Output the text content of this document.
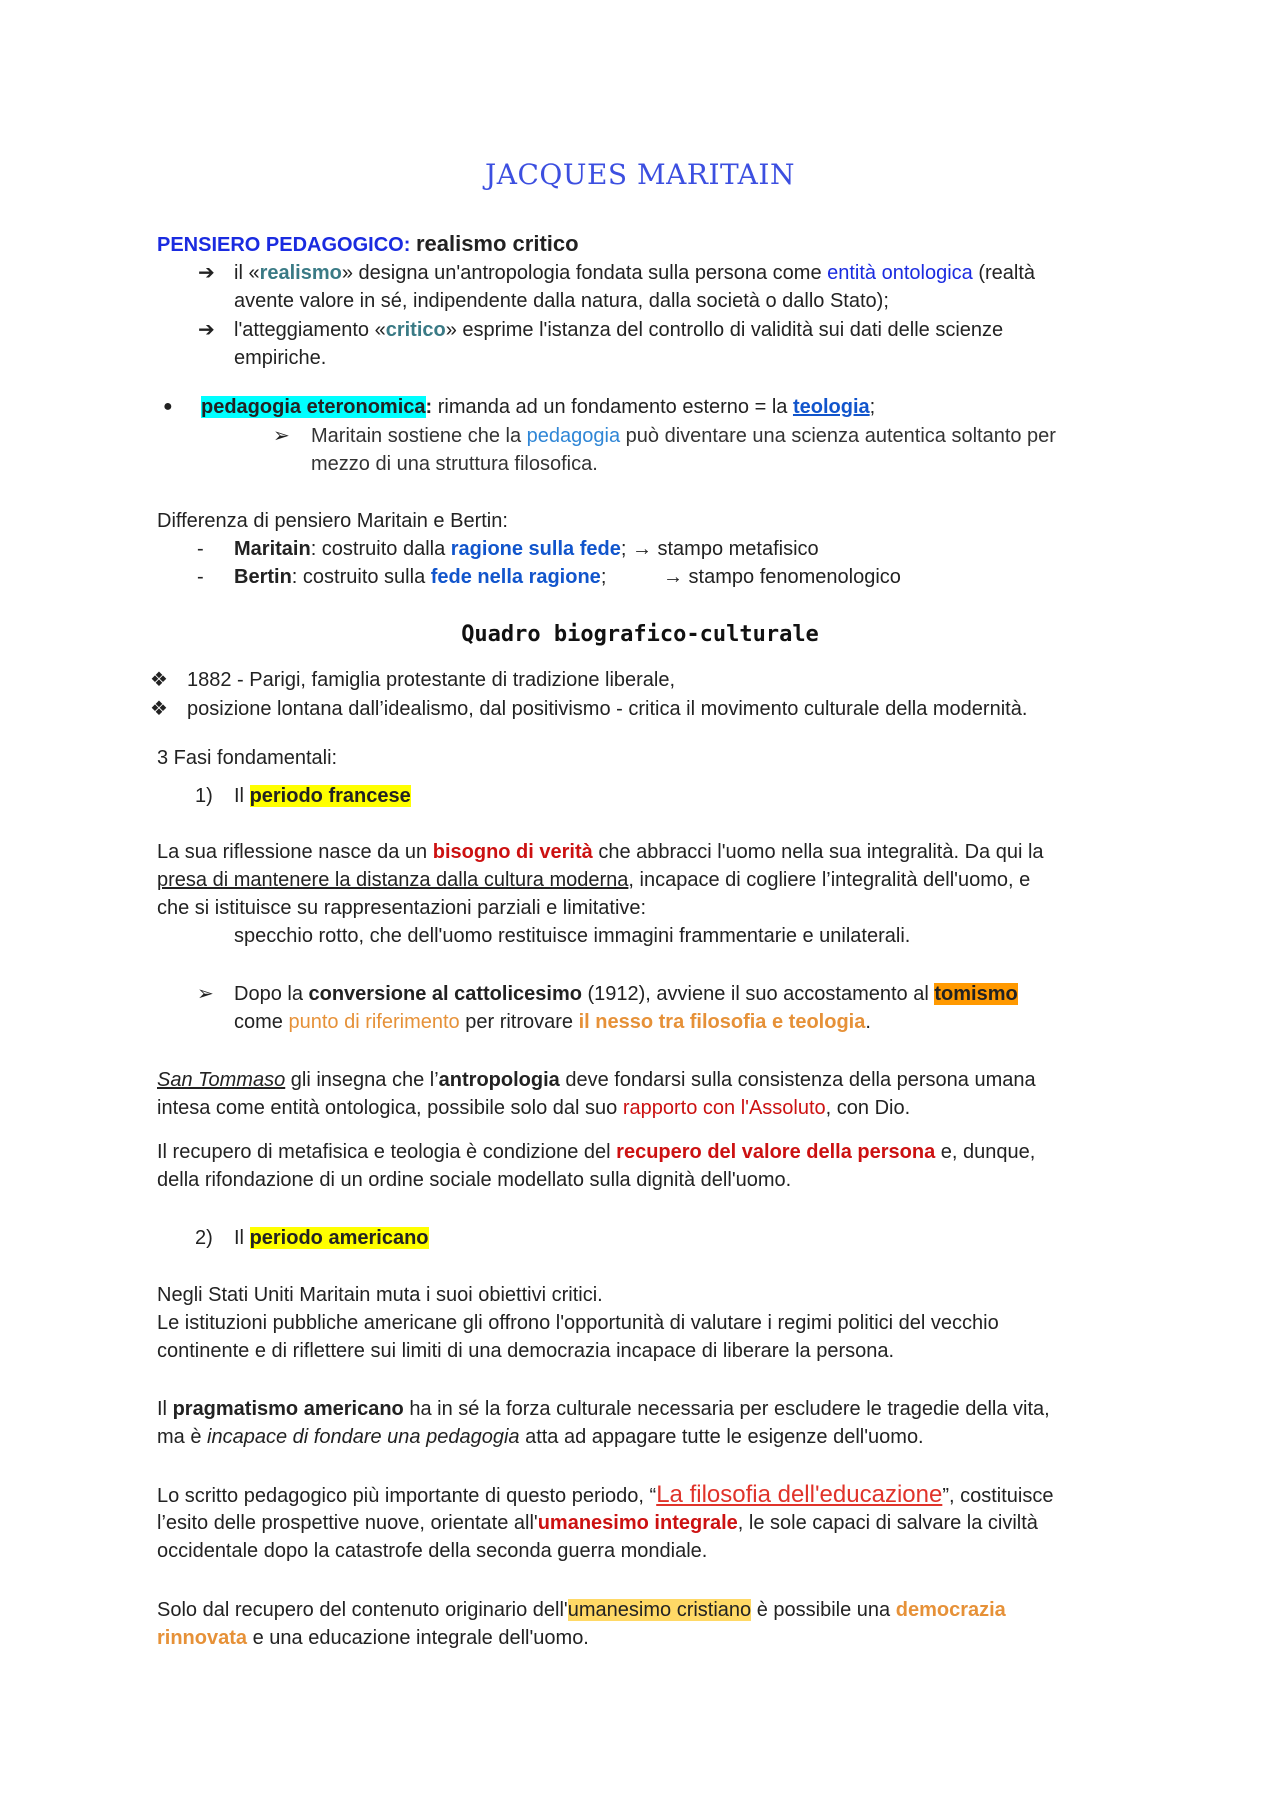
JACQUES MARITAIN
PENSIERO PEDAGOGICO: realismo critico
➔ il «realismo» designa un'antropologia fondata sulla persona come entità ontologica (realtà
avente valore in sé, indipendente dalla natura, dalla società o dallo Stato);
➔ l'atteggiamento «critico» esprime l'istanza del controllo di validità sui dati delle scienze
empiriche.
● pedagogia eteronomica: rimanda ad un fondamento esterno = la teologia;
➢ Maritain sostiene che la pedagogia può diventare una scienza autentica soltanto per
mezzo di una struttura filosofica.
Differenza di pensiero Maritain e Bertin:
- Maritain: costruito dalla ragione sulla fede; → stampo metafisico
- Bertin: costruito sulla fede nella ragione;	→ stampo fenomenologico
Quadro biografico-culturale
❖ 1882 - Parigi, famiglia protestante di tradizione liberale,
❖ posizione lontana dall’idealismo, dal positivismo - critica il movimento culturale della modernità.
3 Fasi fondamentali:
1) Il periodo francese
La sua riflessione nasce da un bisogno di verità che abbracci l'uomo nella sua integralità. Da qui la
presa di mantenere la distanza dalla cultura moderna, incapace di cogliere l’integralità dell'uomo, e
che si istituisce su rappresentazioni parziali e limitative:
specchio rotto, che dell'uomo restituisce immagini frammentarie e unilaterali.
➢ Dopo la conversione al cattolicesimo (1912), avviene il suo accostamento al tomismo
come punto di riferimento per ritrovare il nesso tra filosofia e teologia.
San Tommaso gli insegna che l’antropologia deve fondarsi sulla consistenza della persona umana
intesa come entità ontologica, possibile solo dal suo rapporto con l'Assoluto, con Dio.
Il recupero di metafisica e teologia è condizione del recupero del valore della persona e, dunque,
della rifondazione di un ordine sociale modellato sulla dignità dell'uomo.
2) Il periodo americano
Negli Stati Uniti Maritain muta i suoi obiettivi critici.
Le istituzioni pubbliche americane gli offrono l'opportunità di valutare i regimi politici del vecchio
continente e di riflettere sui limiti di una democrazia incapace di liberare la persona.
Il pragmatismo americano ha in sé la forza culturale necessaria per escludere le tragedie della vita,
ma è incapace di fondare una pedagogia atta ad appagare tutte le esigenze dell'uomo.
Lo scritto pedagogico più importante di questo periodo, “La filosofia dell'educazione”, costituisce
l’esito delle prospettive nuove, orientate all'umanesimo integrale, le sole capaci di salvare la civiltà
occidentale dopo la catastrofe della seconda guerra mondiale.
Solo dal recupero del contenuto originario dell'umanesimo cristiano è possibile una democrazia
rinnovata e una educazione integrale dell'uomo.
